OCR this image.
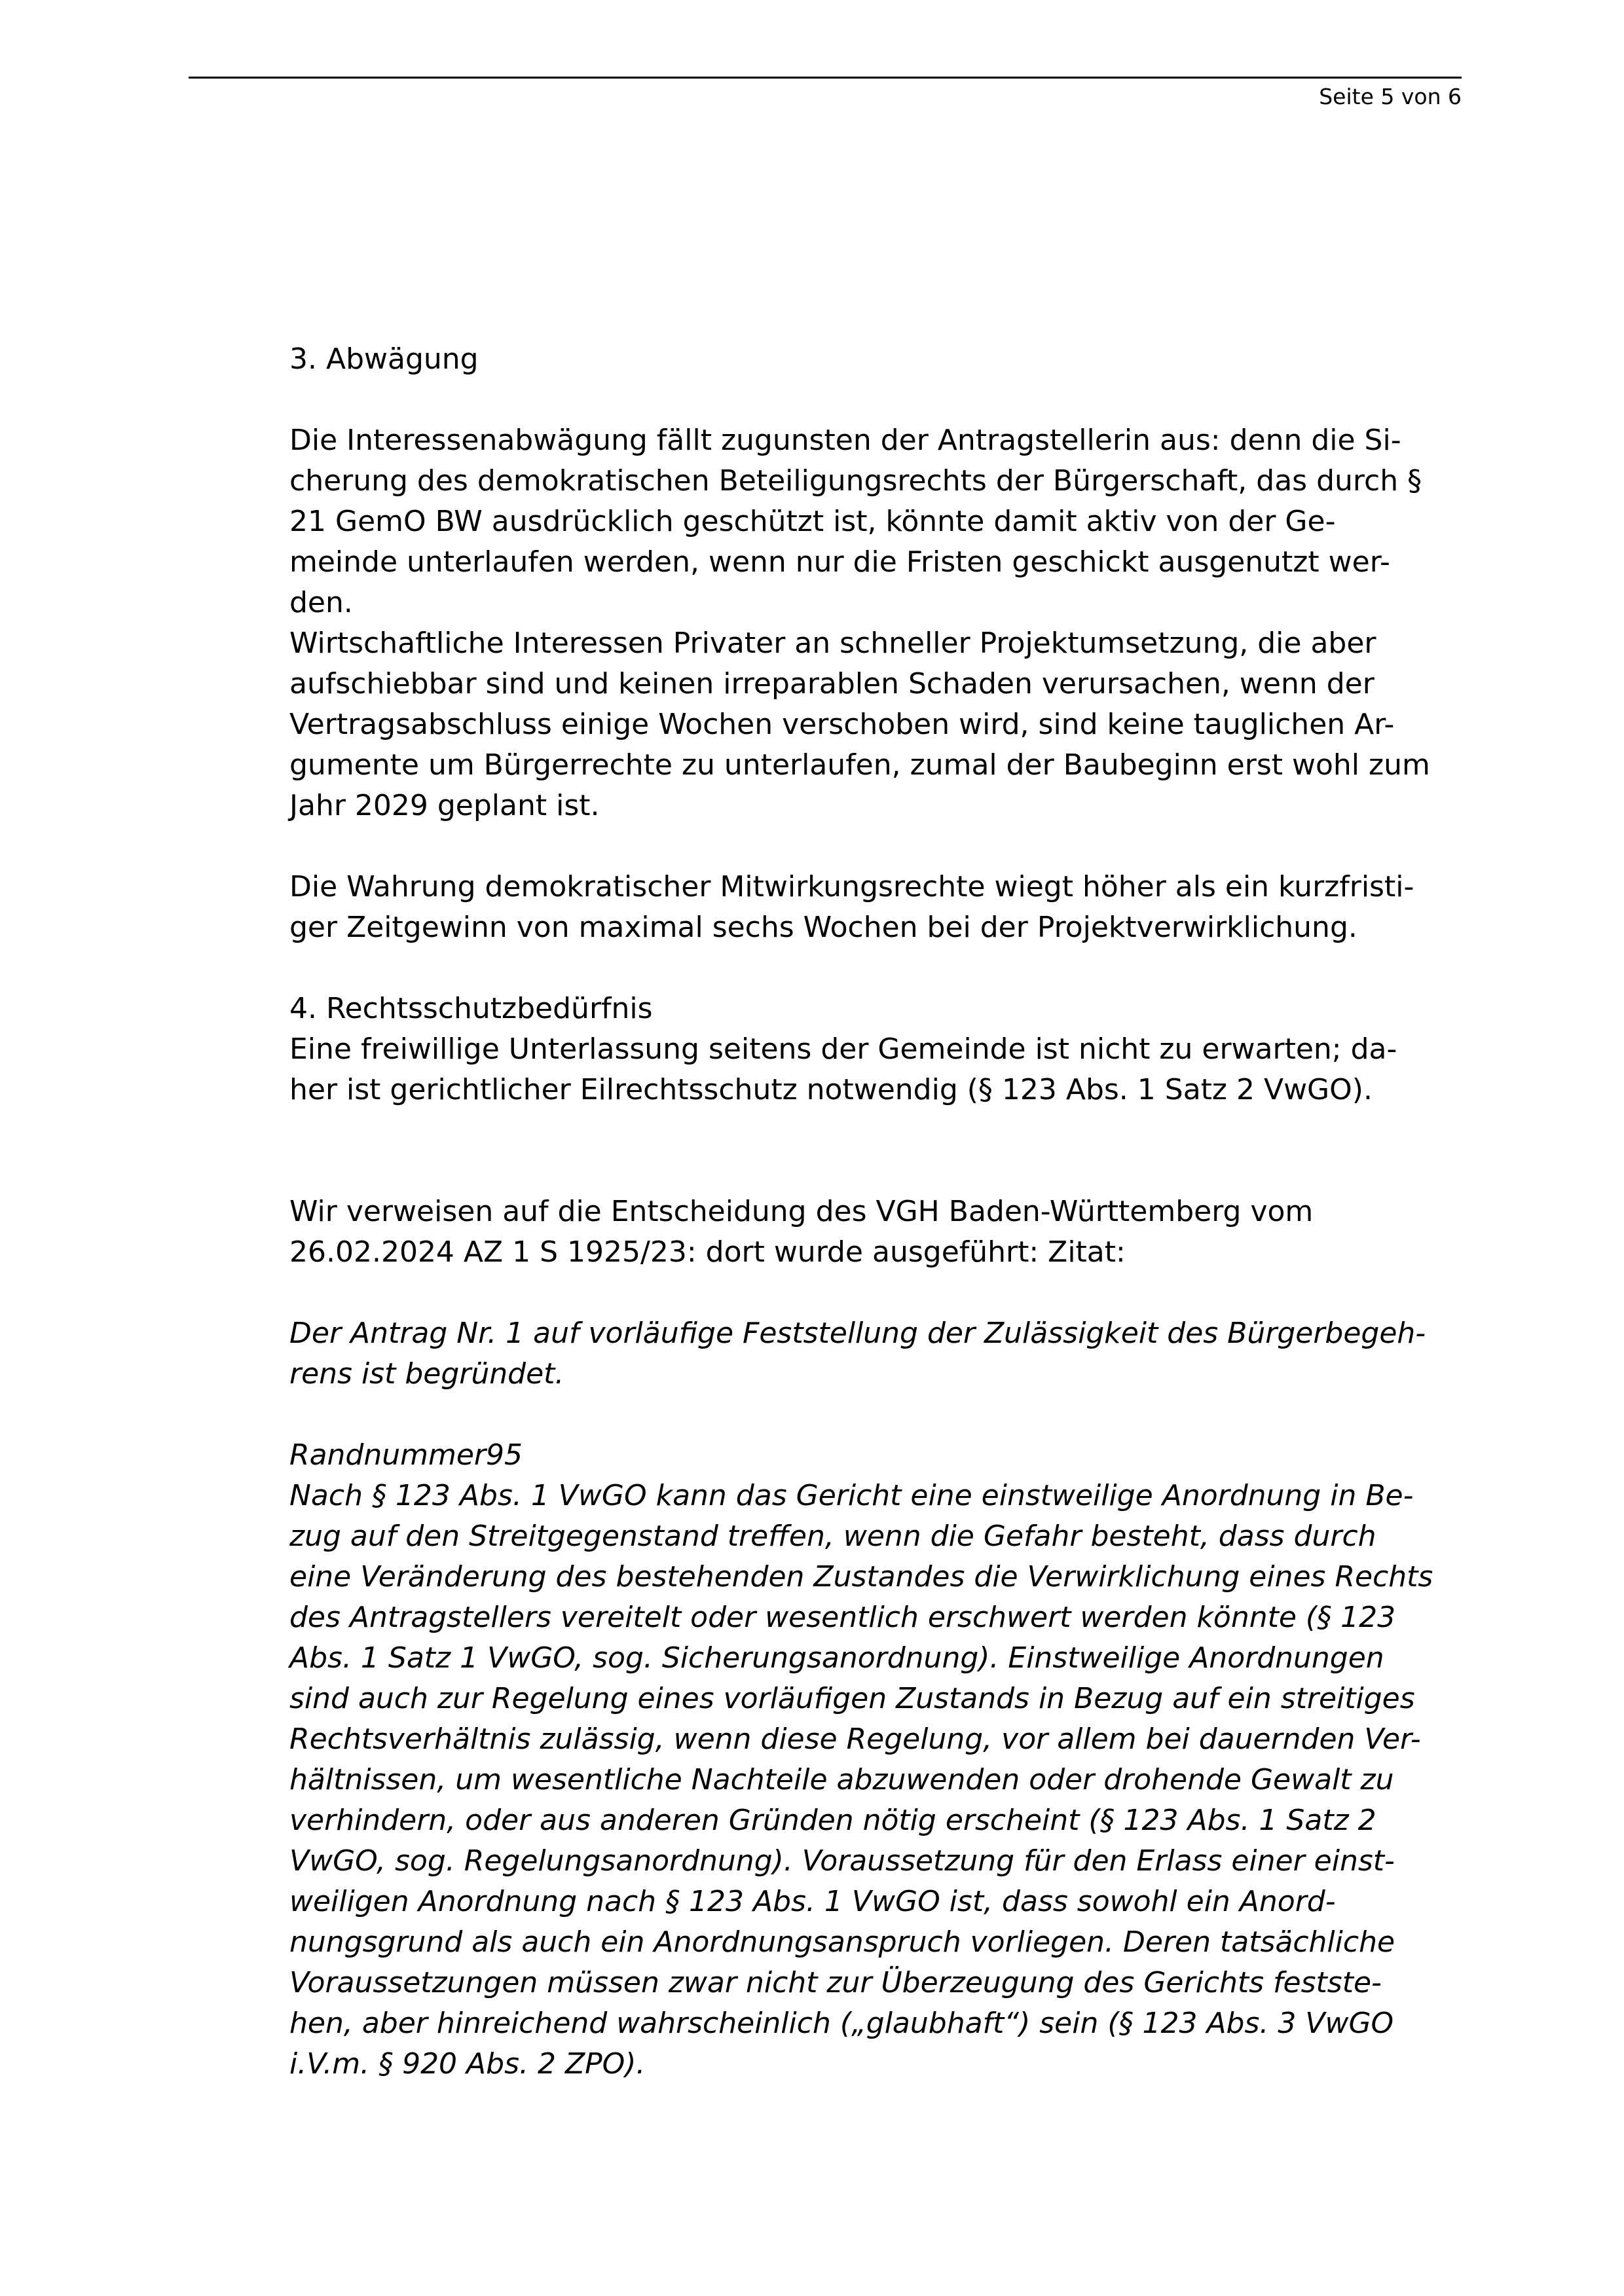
Seite 5 von 6
3. Abwägung
Die Interessenabwägung fällt zugunsten der Antragstellerin aus: denn die Si-
cherung des demokratischen Beteiligungsrechts der Bürgerschaft, das durch §
21 GemO BW ausdrücklich geschützt ist, könnte damit aktiv von der Ge-
meinde unterlaufen werden, wenn nur die Fristen geschickt ausgenutzt wer-
den.
Wirtschaftliche Interessen Privater an schneller Projektumsetzung, die aber
aufschiebbar sind und keinen irreparablen Schaden verursachen, wenn der
Vertragsabschluss einige Wochen verschoben wird, sind keine tauglichen Ar-
gumente um Bürgerrechte zu unterlaufen, zumal der Baubeginn erst wohl zum
Jahr 2029 geplant ist.
Die Wahrung demokratischer Mitwirkungsrechte wiegt höher als ein kurzfristi-
ger Zeitgewinn von maximal sechs Wochen bei der Projektverwirklichung.
4. Rechtsschutzbedürfnis
Eine freiwillige Unterlassung seitens der Gemeinde ist nicht zu erwarten; da-
her ist gerichtlicher Eilrechtsschutz notwendig (§ 123 Abs. 1 Satz 2 VwGO).
Wir verweisen auf die Entscheidung des VGH Baden-Württemberg vom
26.02.2024 AZ 1 S 1925/23: dort wurde ausgeführt: Zitat:
Der Antrag Nr. 1 auf vorläufige Feststellung der Zulässigkeit des Bürgerbegeh-
rens ist begründet.
Randnummer95
Nach § 123 Abs. 1 VwGO kann das Gericht eine einstweilige Anordnung in Be-
zug auf den Streitgegenstand treffen, wenn die Gefahr besteht, dass durch
eine Veränderung des bestehenden Zustandes die Verwirklichung eines Rechts
des Antragstellers vereitelt oder wesentlich erschwert werden könnte (§ 123
Abs. 1 Satz 1 VwGO, sog. Sicherungsanordnung). Einstweilige Anordnungen
sind auch zur Regelung eines vorläufigen Zustands in Bezug auf ein streitiges
Rechtsverhältnis zulässig, wenn diese Regelung, vor allem bei dauernden Ver-
hältnissen, um wesentliche Nachteile abzuwenden oder drohende Gewalt zu
verhindern, oder aus anderen Gründen nötig erscheint (§ 123 Abs. 1 Satz 2
VwGO, sog. Regelungsanordnung). Voraussetzung für den Erlass einer einst-
weiligen Anordnung nach § 123 Abs. 1 VwGO ist, dass sowohl ein Anord-
nungsgrund als auch ein Anordnungsanspruch vorliegen. Deren tatsächliche
Voraussetzungen müssen zwar nicht zur Überzeugung des Gerichts festste-
hen, aber hinreichend wahrscheinlich („glaubhaft“) sein (§ 123 Abs. 3 VwGO
i.V.m. § 920 Abs. 2 ZPO).
